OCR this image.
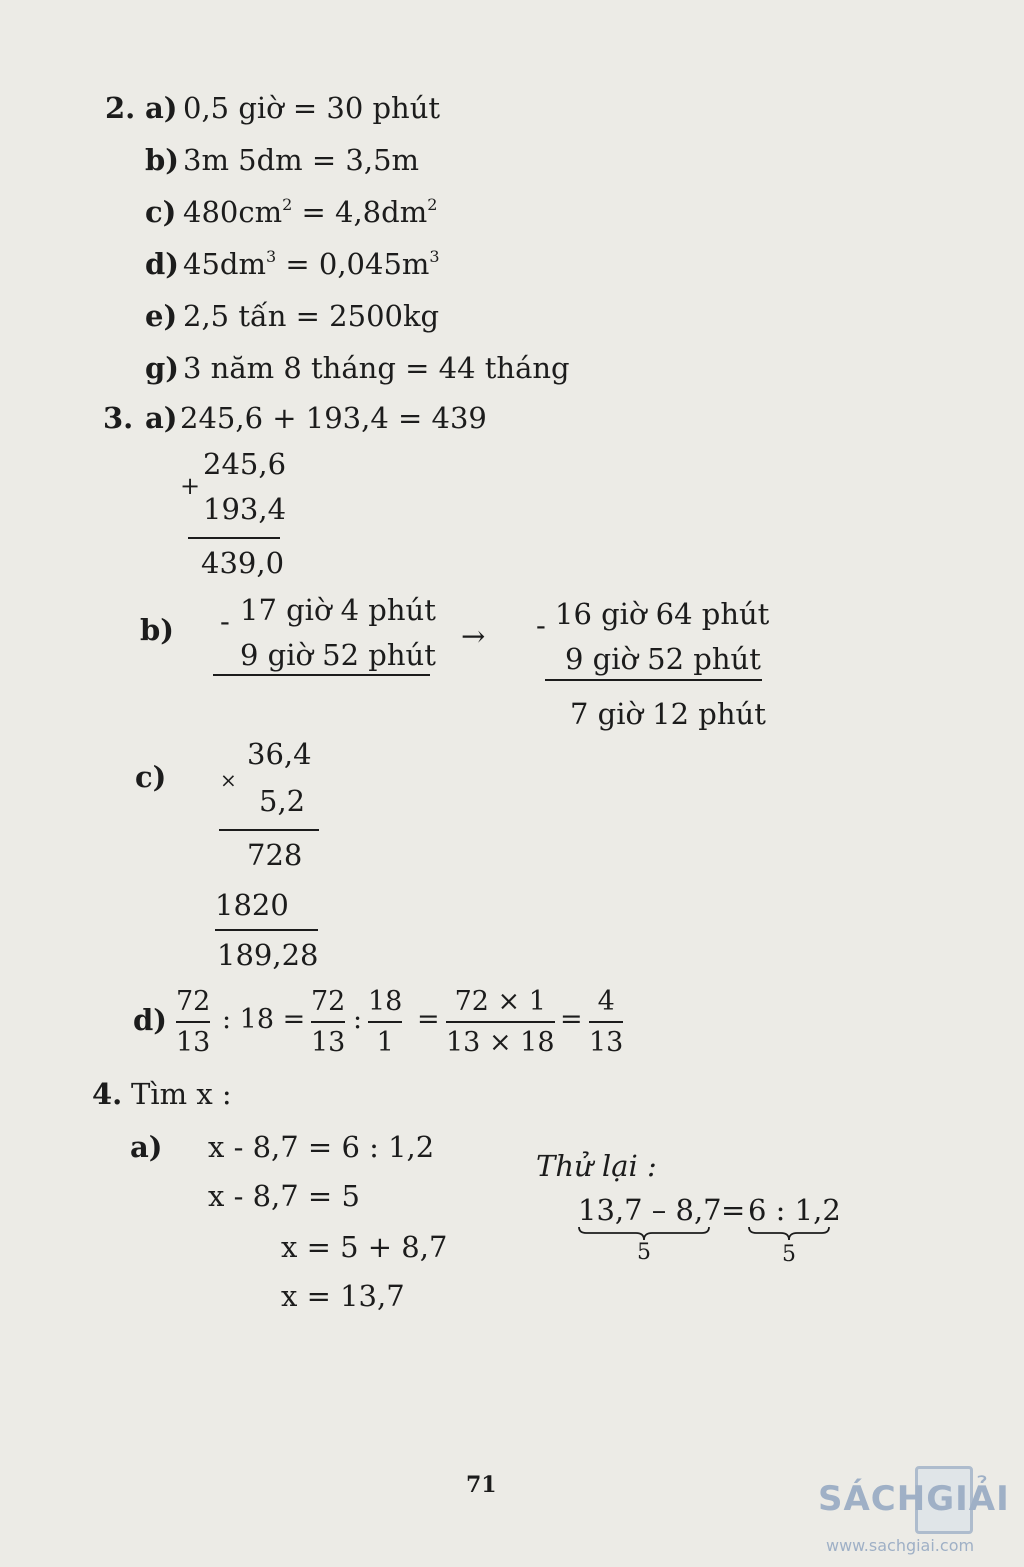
2. a) 0,5 giờ = 30 phút
b) 3m 5dm = 3,5m
c) $480cm^2 = 4,8dm^2$
d) $45dm^3 = 0,045m^3$
e) 2,5 tấn = 2500kg
g) 3 năm 8 tháng = 44 tháng
3. a) 245,6 + 193,4 = 439
245,6
+
193,4
439,0
b) - 17 giờ 4 phút
9 giờ 52 phút
→ - 16 giờ 64 phút
9 giờ 52 phút
7 giờ 12 phút
c)
36,4
×
5,2
728
1820
189,28
d)
72
13
: 18 =
72
13
:
18
1
=
72 × 1
13 × 18
=
4
13
4. Tìm x :
a) x - 8,7 = 6 : 1,2
x - 8,7 = 5
x = 5 + 8,7
x = 13,7
Thử lại :
13,7 – 8,7 = 6 : 1,2
5	5
71	SÁCHGIẢI
www.sachgiai.com
